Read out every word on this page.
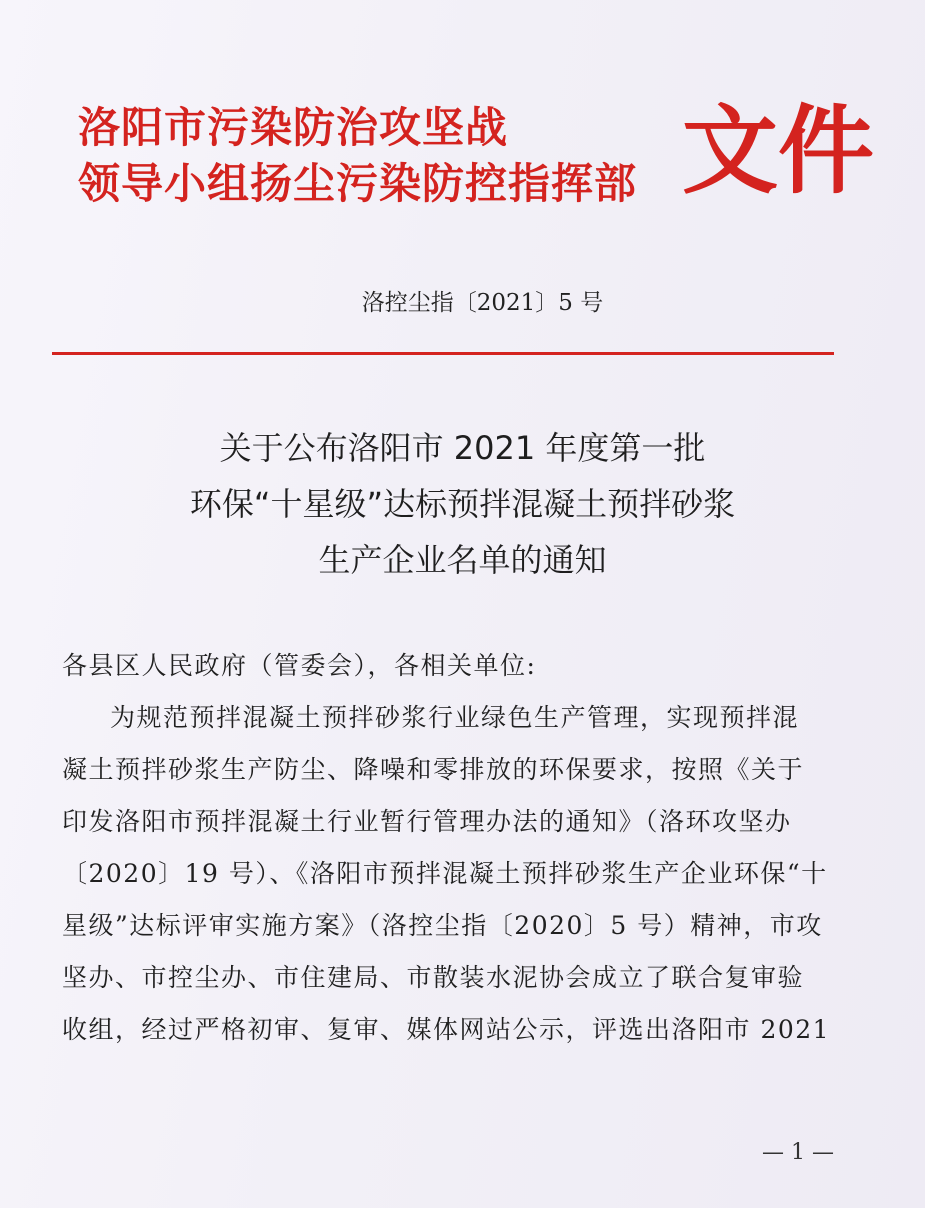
洛阳市污染防治攻坚战
领导小组扬尘污染防控指挥部 文件
洛控尘指〔2021〕5 号
关于公布洛阳市 2021 年度第一批
环保“十星级”达标预拌混凝土预拌砂浆
生产企业名单的通知
各县区人民政府（管委会），各相关单位:
为规范预拌混凝土预拌砂浆行业绿色生产管理，实现预拌混
凝土预拌砂浆生产防尘、降噪和零排放的环保要求，按照《关于
印发洛阳市预拌混凝土行业暂行管理办法的通知》（洛环攻坚办
〔2020〕19 号）、《洛阳市预拌混凝土预拌砂浆生产企业环保“十
星级”达标评审实施方案》（洛控尘指〔2020〕5 号）精神，市攻
坚办、市控尘办、市住建局、市散装水泥协会成立了联合复审验
收组，经过严格初审、复审、媒体网站公示，评选出洛阳市 2021
— 1 —
